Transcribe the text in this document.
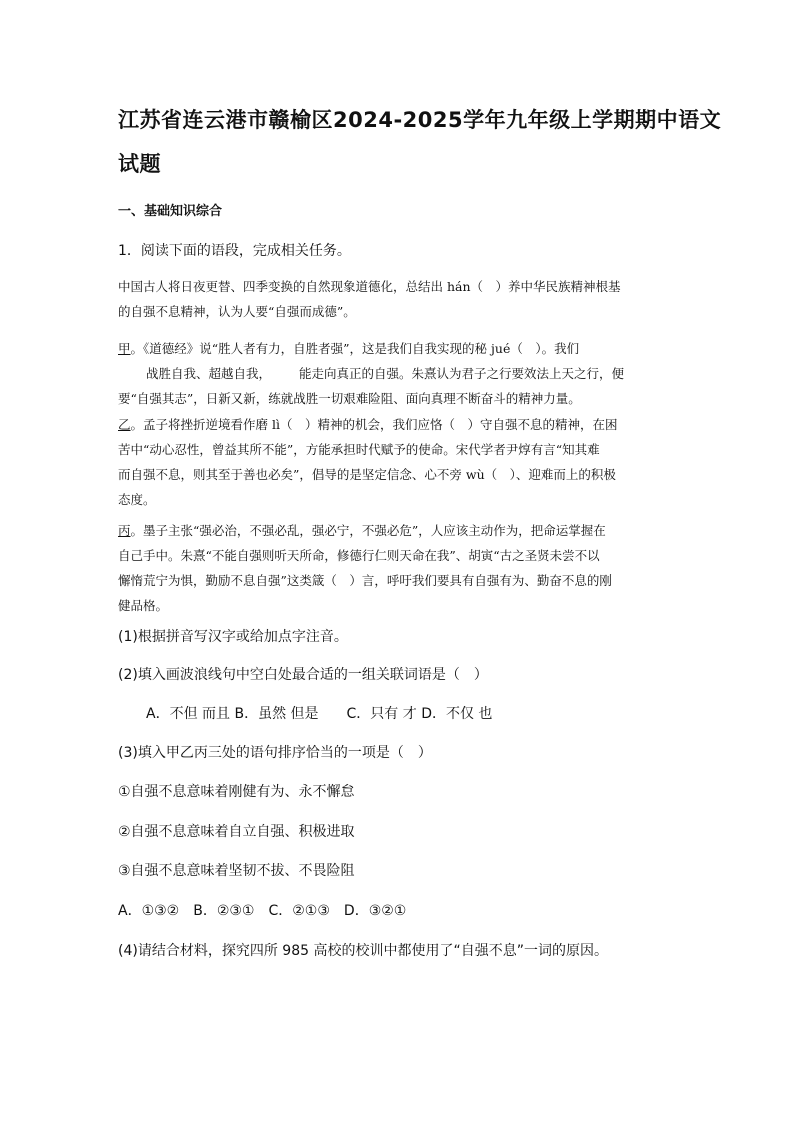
江苏省连云港市赣榆区2024-2025学年九年级上学期期中语文
试题
一、基础知识综合
1．阅读下面的语段，完成相关任务。
中国古人将日夜更替、四季变换的自然现象道德化，总结出 hán（　）养中华民族精神根基
的自强不息精神，认为人要“自强而成德”。
甲。《道德经》说“胜人者有力，自胜者强”，这是我们自我实现的秘 jué（　）。我们
战胜自我、超越自我， 能走向真正的自强。朱熹认为君子之行要效法上天之行，便
要“自强其志”，日新又新，练就战胜一切艰难险阻、面向真理不断奋斗的精神力量。
乙。孟子将挫折逆境看作磨 lì（　）精神的机会，我们应恪（　）守自强不息的精神，在困
苦中“动心忍性，曾益其所不能”，方能承担时代赋予的使命。宋代学者尹焞有言“知其难
而自强不息，则其至于善也必矣”，倡导的是坚定信念、心不旁 wù（　）、迎难而上的积极
态度。
丙。墨子主张“强必治，不强必乱，强必宁，不强必危”，人应该主动作为，把命运掌握在
自己手中。朱熹“不能自强则听天所命，修德行仁则天命在我”、胡寅“古之圣贤未尝不以
懈惰荒宁为惧，勤励不息自强”这类箴（　）言，呼吁我们要具有自强有为、勤奋不息的刚
健品格。
(1)根据拼音写汉字或给加点字注音。
(2)填入画波浪线句中空白处最合适的一组关联词语是（　）
A．不但 而且 B．虽然 但是　　C．只有 才 D．不仅 也
(3)填入甲乙丙三处的语句排序恰当的一项是（　）
①自强不息意味着刚健有为、永不懈怠
②自强不息意味着自立自强、积极进取
③自强不息意味着坚韧不拔、不畏险阻
A．①③②　B．②③①　C．②①③　D．③②①
(4)请结合材料，探究四所 985 高校的校训中都使用了“自强不息”一词的原因。
